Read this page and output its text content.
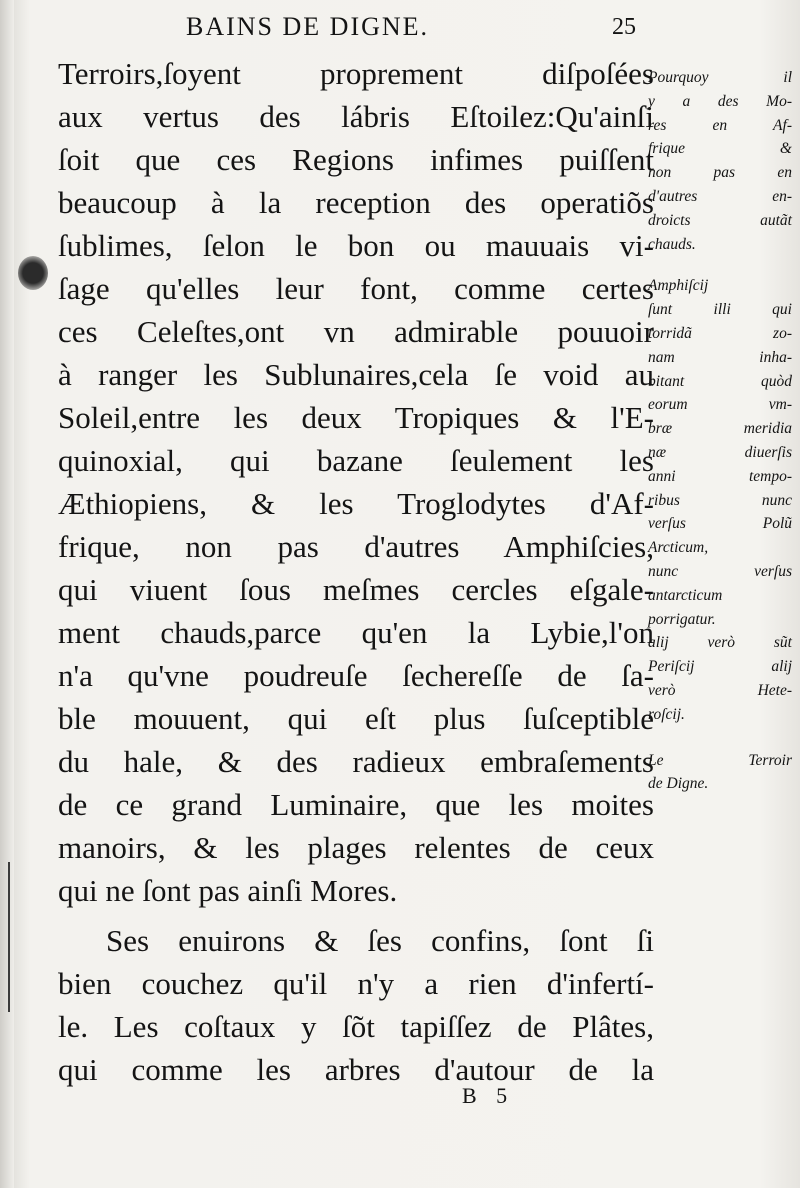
BAINS DE DIGNE.	25
Terroirs,ſoyent proprement diſpoſées
aux vertus des lábris Eſtoilez:Qu'ainſi
ſoit que ces Regions infimes puiſſent
beaucoup à la reception des operatiõs
ſublimes, ſelon le bon ou mauuais vi-
ſage qu'elles leur font, comme certes
ces Celeſtes,ont vn admirable pouuoir
à ranger les Sublunaires,cela ſe void au
Soleil,entre les deux Tropiques & l'E-
quinoxial, qui bazane ſeulement les
Æthiopiens, & les Troglodytes d'Af-
frique, non pas d'autres Amphiſcies,
qui viuent ſous meſmes cercles eſgale-
ment chauds,parce qu'en la Lybie,l'on
n'a qu'vne poudreuſe ſechereſſe de ſa-
ble mouuent, qui eſt plus ſuſceptible
du hale, & des radieux embraſements
de ce grand Luminaire, que les moites
manoirs, & les plages relentes de ceux
qui ne ſont pas ainſi Mores.
Ses enuirons & ſes confins, ſont ſi
bien couchez qu'il n'y a rien d'infertí-
le. Les coſtaux y ſõt tapiſſez de Plâtes,
qui comme les arbres d'autour de la
Pourquoy il
y a des Mo-
res en Af-
frique &
non pas en
d'autres en-
droicts autãt
chauds.
Amphiſcij
ſunt illi qui
torridã zo-
nam inha-
bitant quòd
eorum vm-
bræ meridia
næ diuerſis
anni tempo-
ribus nunc
verſus Polũ
Arcticum,
nunc verſus
antarcticum
porrigatur.
alij verò sũt
Periſcij alij
verò Hete-
roſcij.
Le Terroir
de Digne.
B 5
